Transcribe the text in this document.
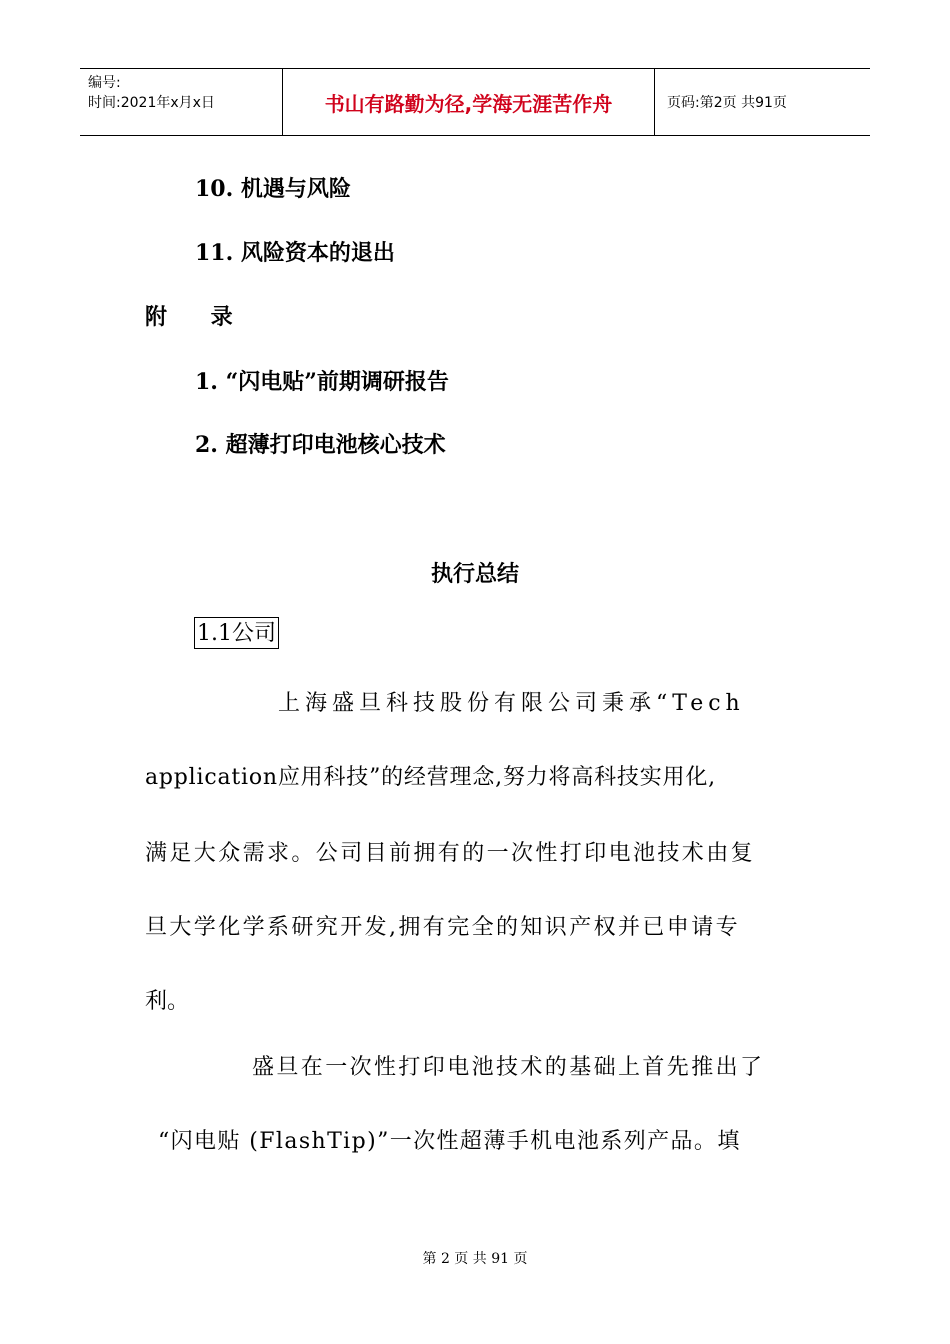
编号:
时间:2021年x月x日	书山有路勤为径,学海无涯苦作舟	页码:第2页 共91页
10. 机遇与风险
11. 风险资本的退出
附 录
1. “闪电贴”前期调研报告
2. 超薄打印电池核心技术
执行总结
1.1公司
上海盛旦科技股份有限公司秉承“Tech
application应用科技”的经营理念,努力将高科技实用化,
满足大众需求。公司目前拥有的一次性打印电池技术由复
旦大学化学系研究开发,拥有完全的知识产权并已申请专
利。
盛旦在一次性打印电池技术的基础上首先推出了
“闪电贴 (FlashTip)”一次性超薄手机电池系列产品。填
第 2 页 共 91 页
